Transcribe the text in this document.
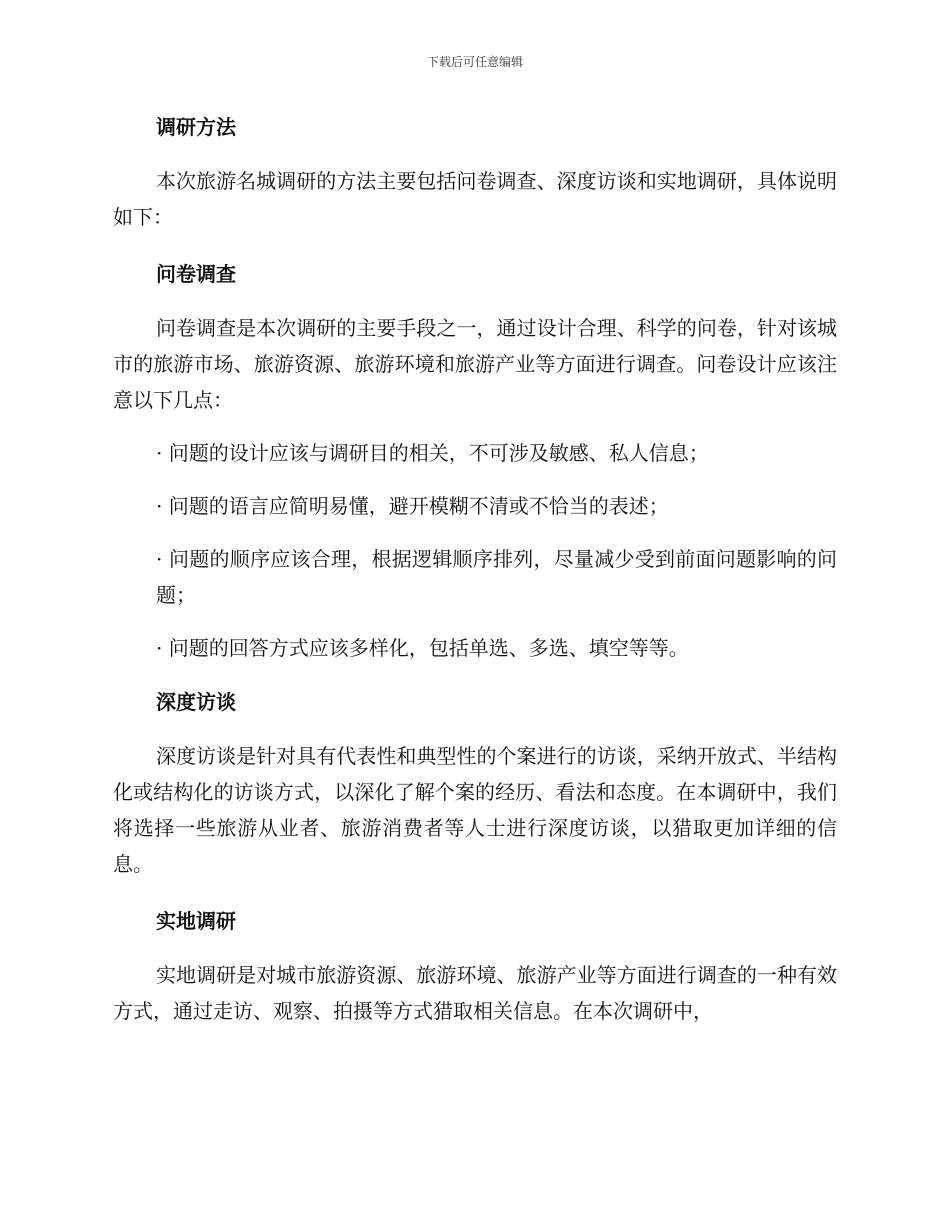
下载后可任意编辑
调研方法

本次旅游名城调研的方法主要包括问卷调查、深度访谈和实地调研，具体说明如下：

问卷调查

问卷调查是本次调研的主要手段之一，通过设计合理、科学的问卷，针对该城市的旅游市场、旅游资源、旅游环境和旅游产业等方面进行调查。问卷设计应该注意以下几点：

· 问题的设计应该与调研目的相关，不可涉及敏感、私人信息；

· 问题的语言应简明易懂，避开模糊不清或不恰当的表述；

· 问题的顺序应该合理，根据逻辑顺序排列，尽量减少受到前面问题影响的问题；

· 问题的回答方式应该多样化，包括单选、多选、填空等等。

深度访谈

深度访谈是针对具有代表性和典型性的个案进行的访谈，采纳开放式、半结构化或结构化的访谈方式，以深化了解个案的经历、看法和态度。在本调研中，我们将选择一些旅游从业者、旅游消费者等人士进行深度访谈，以猎取更加详细的信息。

实地调研

实地调研是对城市旅游资源、旅游环境、旅游产业等方面进行调查的一种有效方式，通过走访、观察、拍摄等方式猎取相关信息。在本次调研中，
